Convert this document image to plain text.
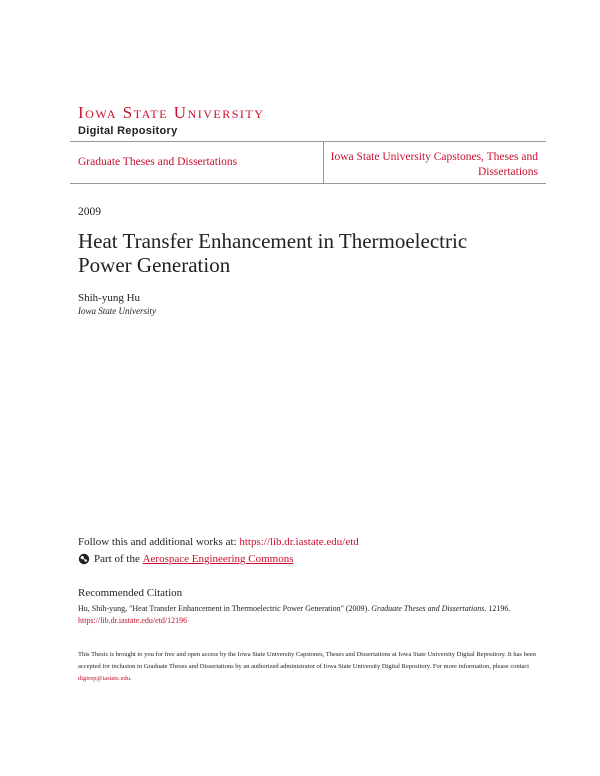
Iowa State University
Digital Repository
Graduate Theses and Dissertations	Iowa State University Capstones, Theses and Dissertations
2009
Heat Transfer Enhancement in Thermoelectric Power Generation
Shih-yung Hu
Iowa State University
Follow this and additional works at: https://lib.dr.iastate.edu/etd
Part of the
Aerospace Engineering Commons
Recommended Citation
Hu, Shih-yung, "Heat Transfer Enhancement in Thermoelectric Power Generation" (2009). Graduate Theses and Dissertations. 12196.
https://lib.dr.iastate.edu/etd/12196
This Thesis is brought to you for free and open access by the Iowa State University Capstones, Theses and Dissertations at Iowa State University Digital Repository. It has been accepted for inclusion in Graduate Theses and Dissertations by an authorized administrator of Iowa State University Digital Repository. For more information, please contact digirep@iastate.edu.
